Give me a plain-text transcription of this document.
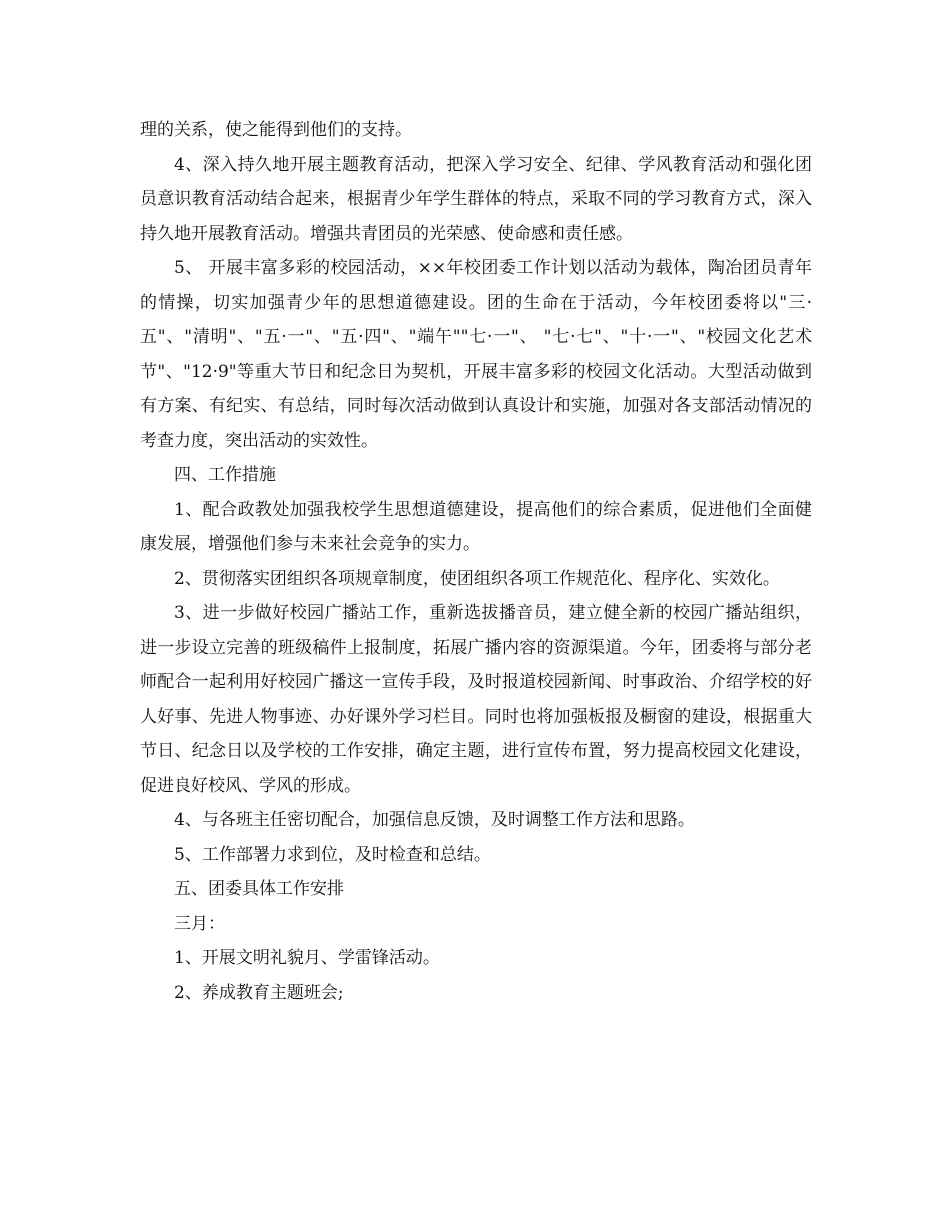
理的关系，使之能得到他们的支持。

4、深入持久地开展主题教育活动，把深入学习安全、纪律、学风教育活动和强化团员意识教育活动结合起来，根据青少年学生群体的特点，采取不同的学习教育方式，深入持久地开展教育活动。增强共青团员的光荣感、使命感和责任感。

5、 开展丰富多彩的校园活动，××年校团委工作计划以活动为载体，陶冶团员青年的情操，切实加强青少年的思想道德建设。团的生命在于活动，今年校团委将以"三·五"、"清明"、"五·一"、"五·四"、"端午""七·一"、 "七·七"、"十·一"、"校园文化艺术节"、"12·9"等重大节日和纪念日为契机，开展丰富多彩的校园文化活动。大型活动做到有方案、有纪实、有总结，同时每次活动做到认真设计和实施，加强对各支部活动情况的考查力度，突出活动的实效性。

四、工作措施

1、配合政教处加强我校学生思想道德建设，提高他们的综合素质，促进他们全面健康发展，增强他们参与未来社会竞争的实力。

2、贯彻落实团组织各项规章制度，使团组织各项工作规范化、程序化、实效化。

3、进一步做好校园广播站工作，重新选拔播音员，建立健全新的校园广播站组织，进一步设立完善的班级稿件上报制度，拓展广播内容的资源渠道。今年，团委将与部分老师配合一起利用好校园广播这一宣传手段，及时报道校园新闻、时事政治、介绍学校的好人好事、先进人物事迹、办好课外学习栏目。同时也将加强板报及橱窗的建设，根据重大节日、纪念日以及学校的工作安排，确定主题，进行宣传布置，努力提高校园文化建设，促进良好校风、学风的形成。

4、与各班主任密切配合，加强信息反馈，及时调整工作方法和思路。

5、工作部署力求到位，及时检查和总结。

五、团委具体工作安排

三月：

1、开展文明礼貌月、学雷锋活动。

2、养成教育主题班会;
